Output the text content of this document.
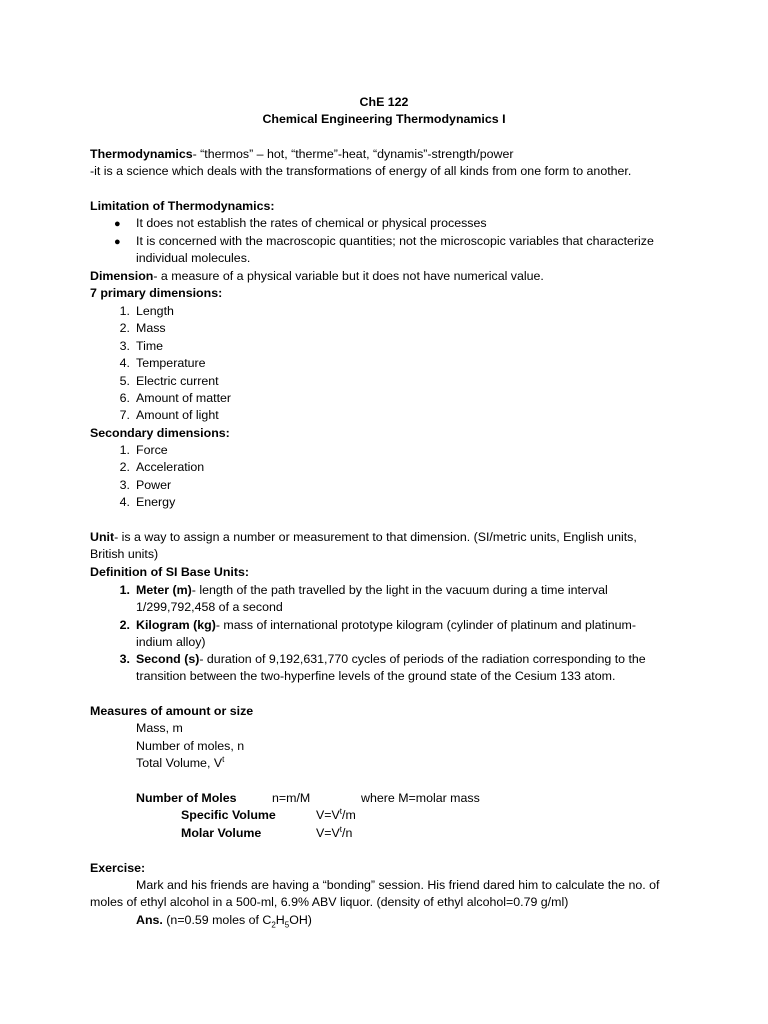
ChE 122
Chemical Engineering Thermodynamics I
Thermodynamics- “thermos” – hot, “therme”-heat, “dynamis”-strength/power
-it is a science which deals with the transformations of energy of all kinds from one form to another.
Limitation of Thermodynamics:
● It does not establish the rates of chemical or physical processes
● It is concerned with the macroscopic quantities; not the microscopic variables that characterize
individual molecules.
Dimension- a measure of a physical variable but it does not have numerical value.
7 primary dimensions:
1. Length
2. Mass
3. Time
4. Temperature
5. Electric current
6. Amount of matter
7. Amount of light
Secondary dimensions:
1. Force
2. Acceleration
3. Power
4. Energy
Unit- is a way to assign a number or measurement to that dimension. (SI/metric units, English units,
British units)
Definition of SI Base Units:
1. Meter (m)- length of the path travelled by the light in the vacuum during a time interval
1/299,792,458 of a second
2. Kilogram (kg)- mass of international prototype kilogram (cylinder of platinum and platinum-
indium alloy)
3. Second (s)- duration of 9,192,631,770 cycles of periods of the radiation corresponding to the
transition between the two-hyperfine levels of the ground state of the Cesium 133 atom.
Measures of amount or size
Mass, m
Number of moles, n
Total Volume, $V^t$
Number of Moles	n=m/M	where M=molar mass
Specific Volume	$V=V^t/m$
Molar Volume	$V=V^t/n$
Exercise:
Mark and his friends are having a “bonding” session. His friend dared him to calculate the no. of
moles of ethyl alcohol in a 500-ml, 6.9% ABV liquor. (density of ethyl alcohol=0.79 g/ml)
Ans. (n=0.59 moles of $C_2H_5OH$)
